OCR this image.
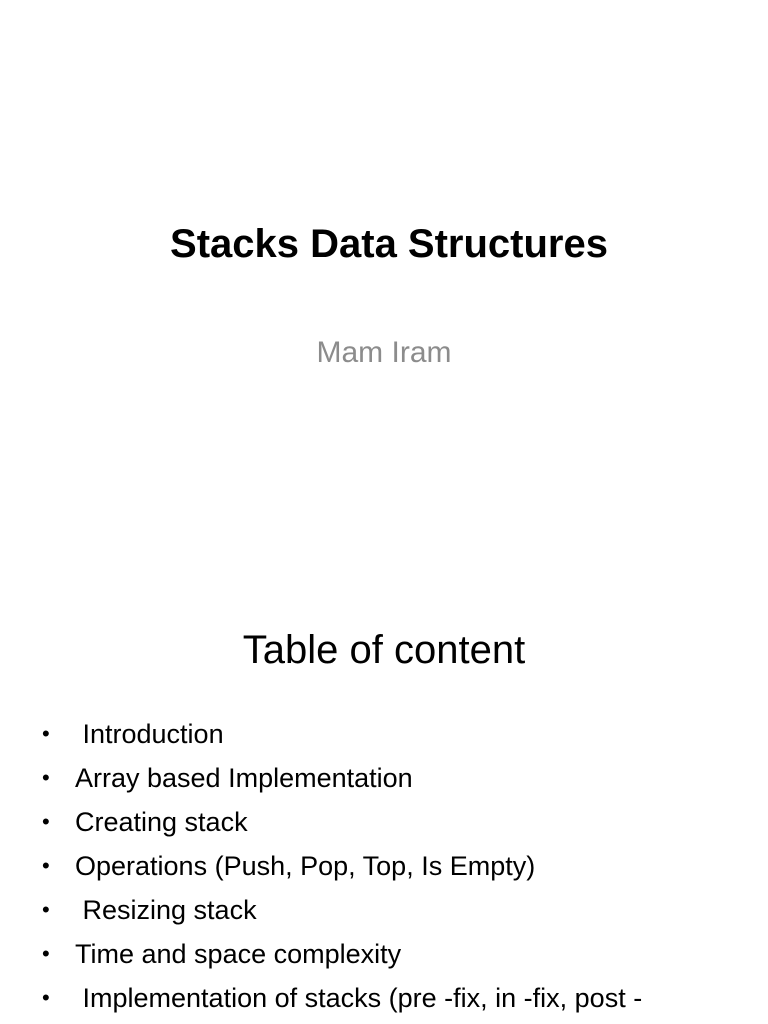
Stacks Data Structures

Mam Iram

Table of content
• Introduction
• Array based Implementation
• Creating stack
• Operations (Push, Pop, Top, Is Empty)
• Resizing stack
• Time and space complexity
• Implementation of stacks (pre -fix, in -fix, post -
